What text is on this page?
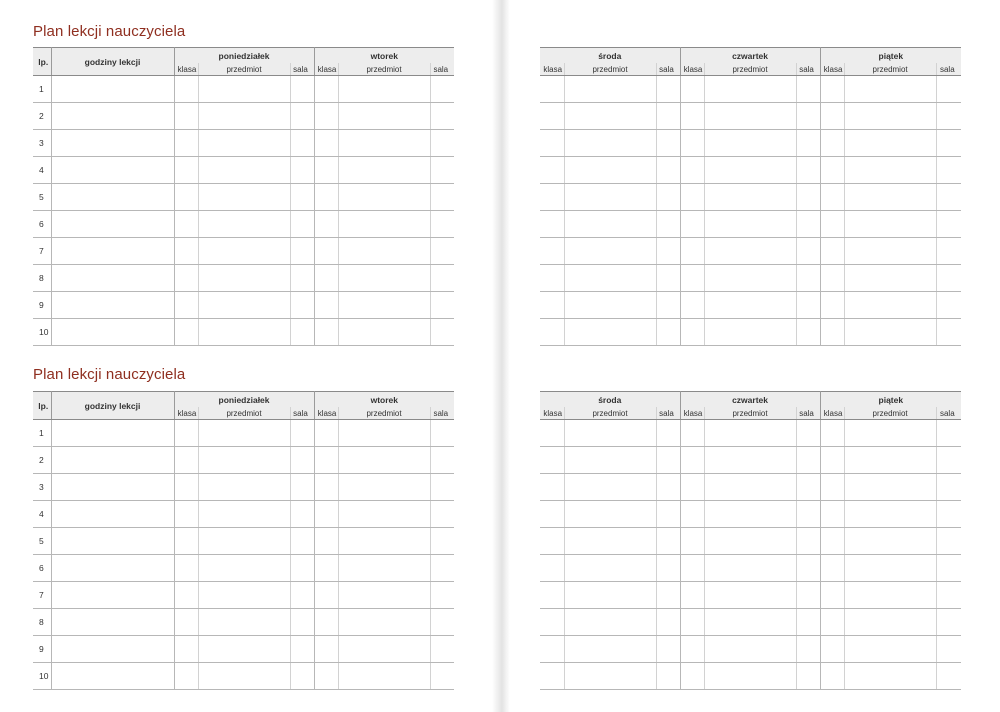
Plan lekcji nauczyciela
Plan lekcji nauczyciela
lp.	godziny lekcji	poniedziałek			wtorek		
		klasa	przedmiot	sala	klasa	przedmiot	sala
1							
2							
3							
4							
5							
6							
7							
8							
9							
10							
środa			czwartek			piątek		
klasa	przedmiot	sala	klasa	przedmiot	sala	klasa	przedmiot	sala

lp.	godziny lekcji	poniedziałek			wtorek		
		klasa	przedmiot	sala	klasa	przedmiot	sala
1							
2							
3							
4							
5							
6							
7							
8							
9							
10							
środa			czwartek			piątek		
klasa	przedmiot	sala	klasa	przedmiot	sala	klasa	przedmiot	sala
